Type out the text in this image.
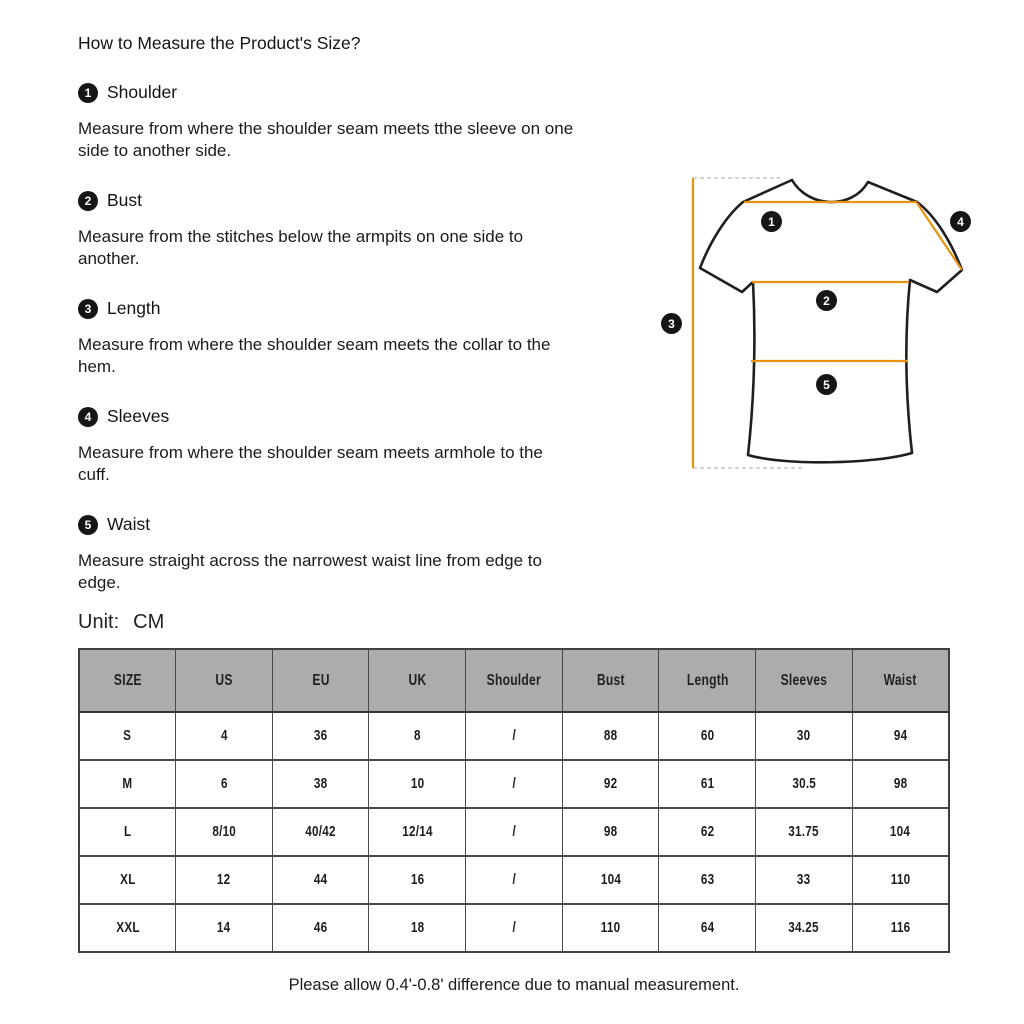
How to Measure the Product's Size?
1 Shoulder
Measure from where the shoulder seam meets tthe sleeve on one
side to another side.
2 Bust
Measure from the stitches below the armpits on one side to
another.
3 Length
Measure from where the shoulder seam meets the collar to the
hem.
4 Sleeves
Measure from where the shoulder seam meets armhole to the
cuff.
5 Waist
Measure straight across the narrowest waist line from edge to
edge.
Unit: CM
1
2
3
4
5
SIZE	US	EU	UK	Shoulder	Bust	Length	Sleeves	Waist
S	4	36	8	/	88	60	30	94
M	6	38	10	/	92	61	30.5	98
L	8/10	40/42	12/14	/	98	62	31.75	104
XL	12	44	16	/	104	63	33	110
XXL	14	46	18	/	110	64	34.25	116
Please allow 0.4'-0.8' difference due to manual measurement.
